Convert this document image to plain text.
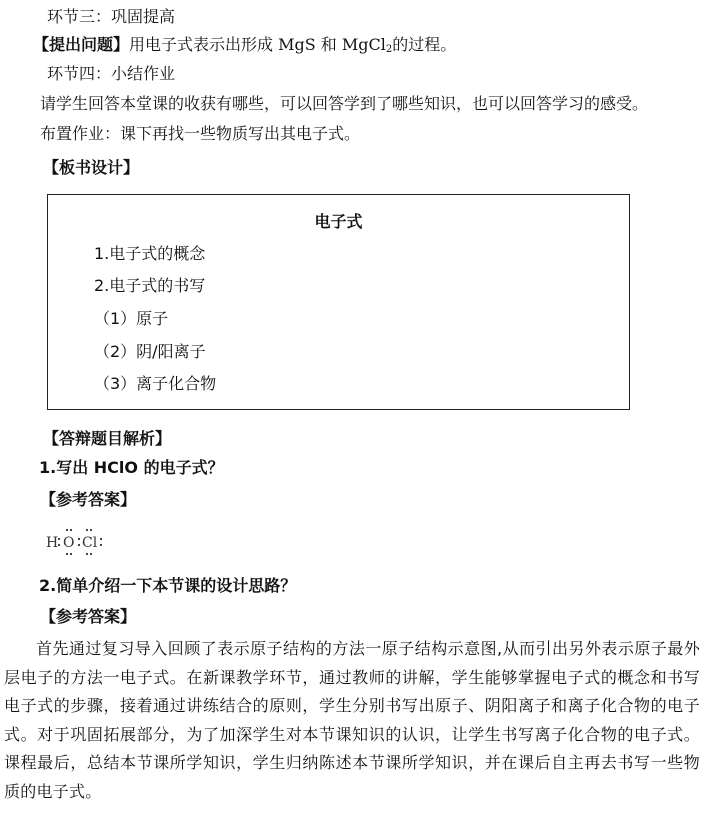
环节三：巩固提高
【提出问题】用电子式表示出形成 MgS 和 MgCl$_2$的过程。
环节四：小结作业
请学生回答本堂课的收获有哪些，可以回答学到了哪些知识，也可以回答学习的感受。
布置作业：课下再找一些物质写出其电子式。
【板书设计】
电子式
1.电子式的概念
2.电子式的书写
（1）原子
（2）阴/阳离子
（3）离子化合物
【答辩题目解析】
1.写出 HClO 的电子式？
【参考答案】
H O Cl
2.简单介绍一下本节课的设计思路？
【参考答案】
首先通过复习导入回顾了表示原子结构的方法一原子结构示意图,从而引出另外表示原子最外层电子的方法一电子式。在新课教学环节，通过教师的讲解，学生能够掌握电子式的概念和书写电子式的步骤，接着通过讲练结合的原则，学生分别书写出原子、阴阳离子和离子化合物的电子式。对于巩固拓展部分，为了加深学生对本节课知识的认识，让学生书写离子化合物的电子式。课程最后，总结本节课所学知识，学生归纳陈述本节课所学知识，并在课后自主再去书写一些物质的电子式。
